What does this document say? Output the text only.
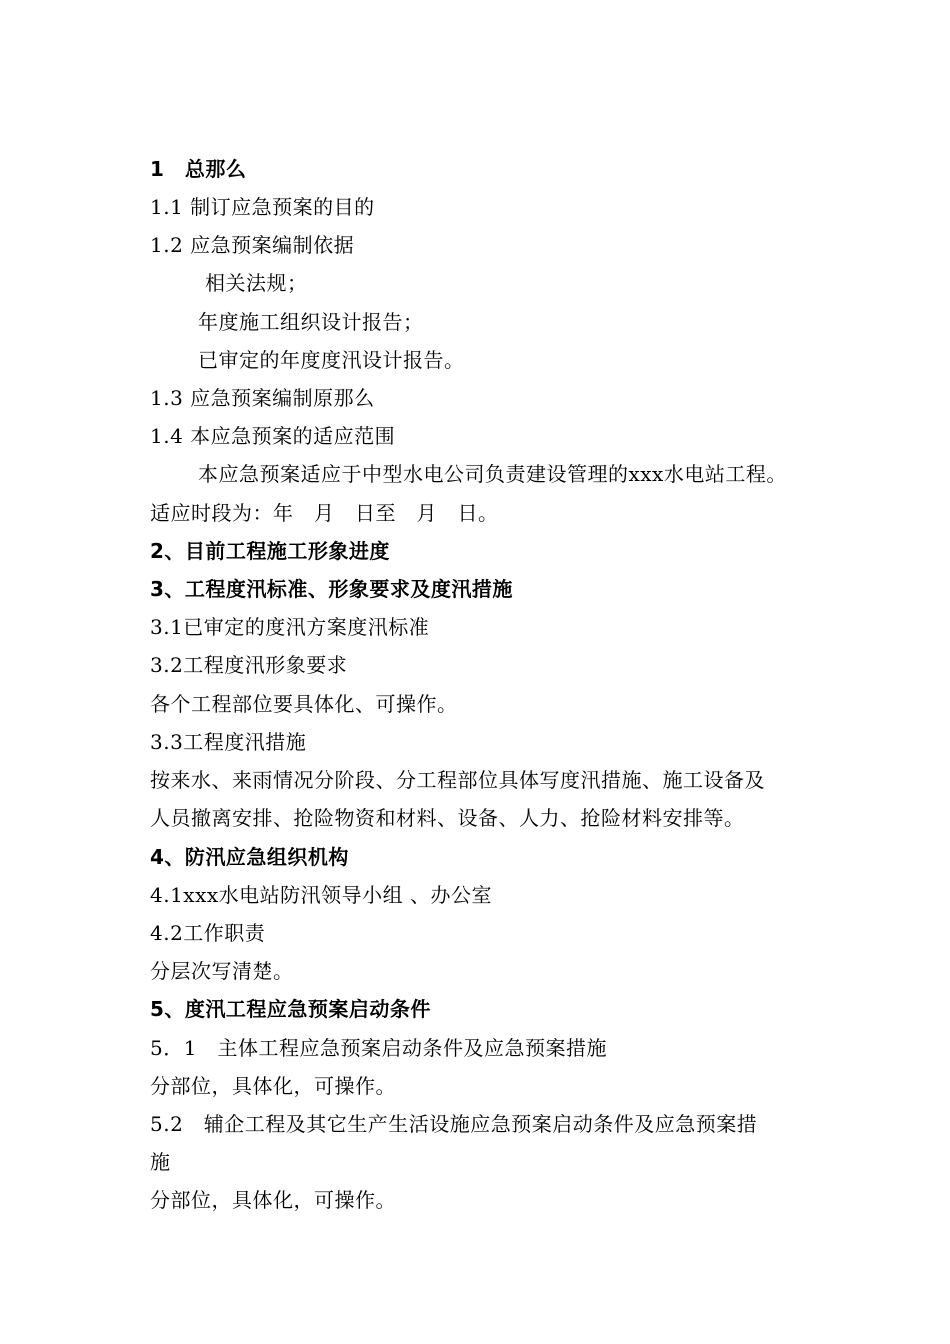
1　总那么
1.1 制订应急预案的目的
1.2 应急预案编制依据
相关法规；
年度施工组织设计报告；
已审定的年度度汛设计报告。
1.3 应急预案编制原那么
1.4 本应急预案的适应范围
本应急预案适应于中型水电公司负责建设管理的xxx水电站工程。
适应时段为：年　月　日至　月　日。
2、目前工程施工形象进度
3、工程度汛标准、形象要求及度汛措施
3.1已审定的度汛方案度汛标准
3.2工程度汛形象要求
各个工程部位要具体化、可操作。
3.3工程度汛措施
按来水、来雨情况分阶段、分工程部位具体写度汛措施、施工设备及
人员撤离安排、抢险物资和材料、设备、人力、抢险材料安排等。
4、防汛应急组织机构
4.1xxx水电站防汛领导小组 、办公室
4.2工作职责
分层次写清楚。
5、度汛工程应急预案启动条件
5．1　主体工程应急预案启动条件及应急预案措施
分部位，具体化，可操作。
5.2　辅企工程及其它生产生活设施应急预案启动条件及应急预案措
施
分部位，具体化，可操作。
